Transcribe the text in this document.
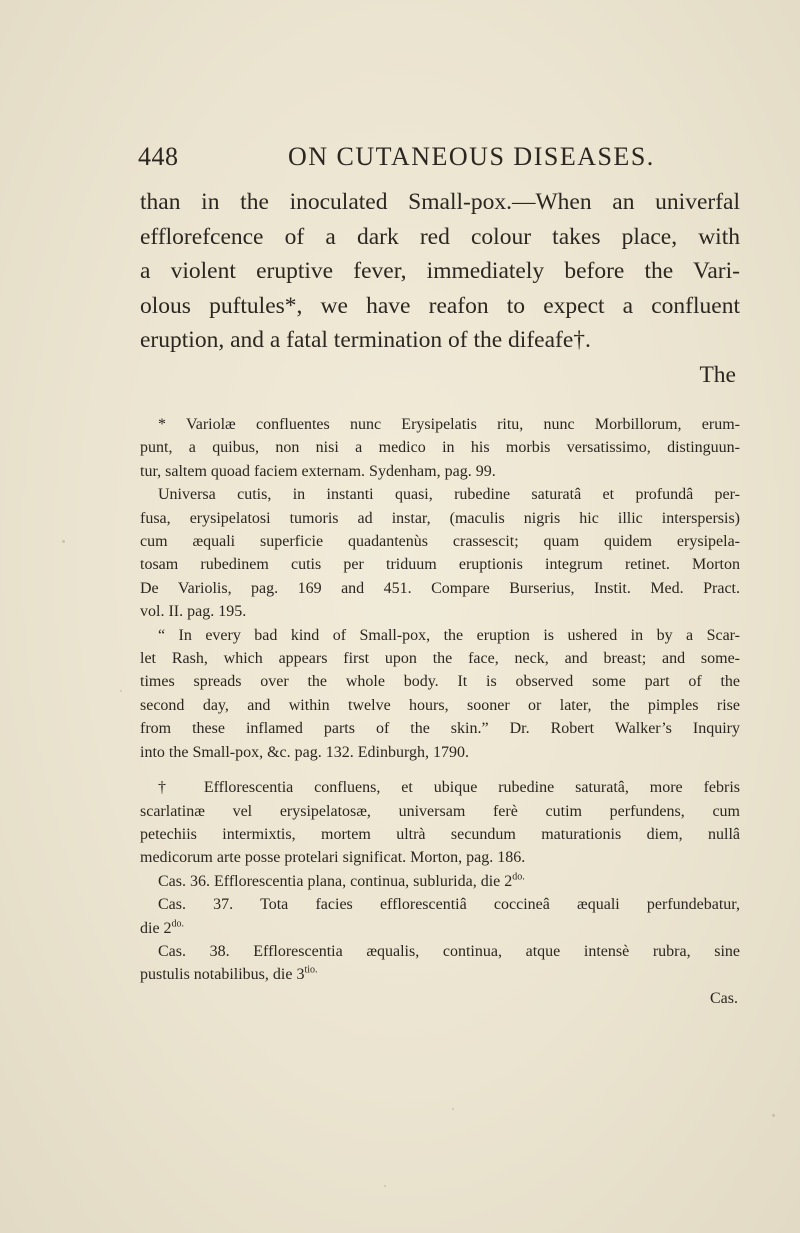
448	ON CUTANEOUS DISEASES.
than in the inoculated Small-pox.—When an univerfal
efflorefcence of a dark red colour takes place, with
a violent eruptive fever, immediately before the Vari-
olous puftules*, we have reafon to expect a confluent
eruption, and a fatal termination of the difeafe†.
The
* Variolæ confluentes nunc Erysipelatis ritu, nunc Morbillorum, erum-
punt, a quibus, non nisi a medico in his morbis versatissimo, distinguun-
tur, saltem quoad faciem externam. Sydenham, pag. 99.
Universa cutis, in instanti quasi, rubedine saturatâ et profundâ per-
fusa, erysipelatosi tumoris ad instar, (maculis nigris hic illic interspersis)
cum æquali superficie quadantenùs crassescit; quam quidem erysipela-
tosam rubedinem cutis per triduum eruptionis integrum retinet. Morton
De Variolis, pag. 169 and 451. Compare Burserius, Instit. Med. Pract.
vol. II. pag. 195.
“ In every bad kind of Small-pox, the eruption is ushered in by a Scar-
let Rash, which appears first upon the face, neck, and breast; and some-
times spreads over the whole body. It is observed some part of the
second day, and within twelve hours, sooner or later, the pimples rise
from these inflamed parts of the skin.” Dr. Robert Walker’s Inquiry
into the Small-pox, &c. pag. 132. Edinburgh, 1790.
† Efflorescentia confluens, et ubique rubedine saturatâ, more febris
scarlatinæ vel erysipelatosæ, universam ferè cutim perfundens, cum
petechiis intermixtis, mortem ultrà secundum maturationis diem, nullâ
medicorum arte posse protelari significat. Morton, pag. 186.
Cas. 36. Efflorescentia plana, continua, sublurida, die $2^{do.}$
Cas. 37. Tota facies efflorescentiâ coccineâ æquali perfundebatur,
die $2^{do.}$
Cas. 38. Efflorescentia æqualis, continua, atque intensè rubra, sine
pustulis notabilibus, die $3^{tio.}$
Cas.
